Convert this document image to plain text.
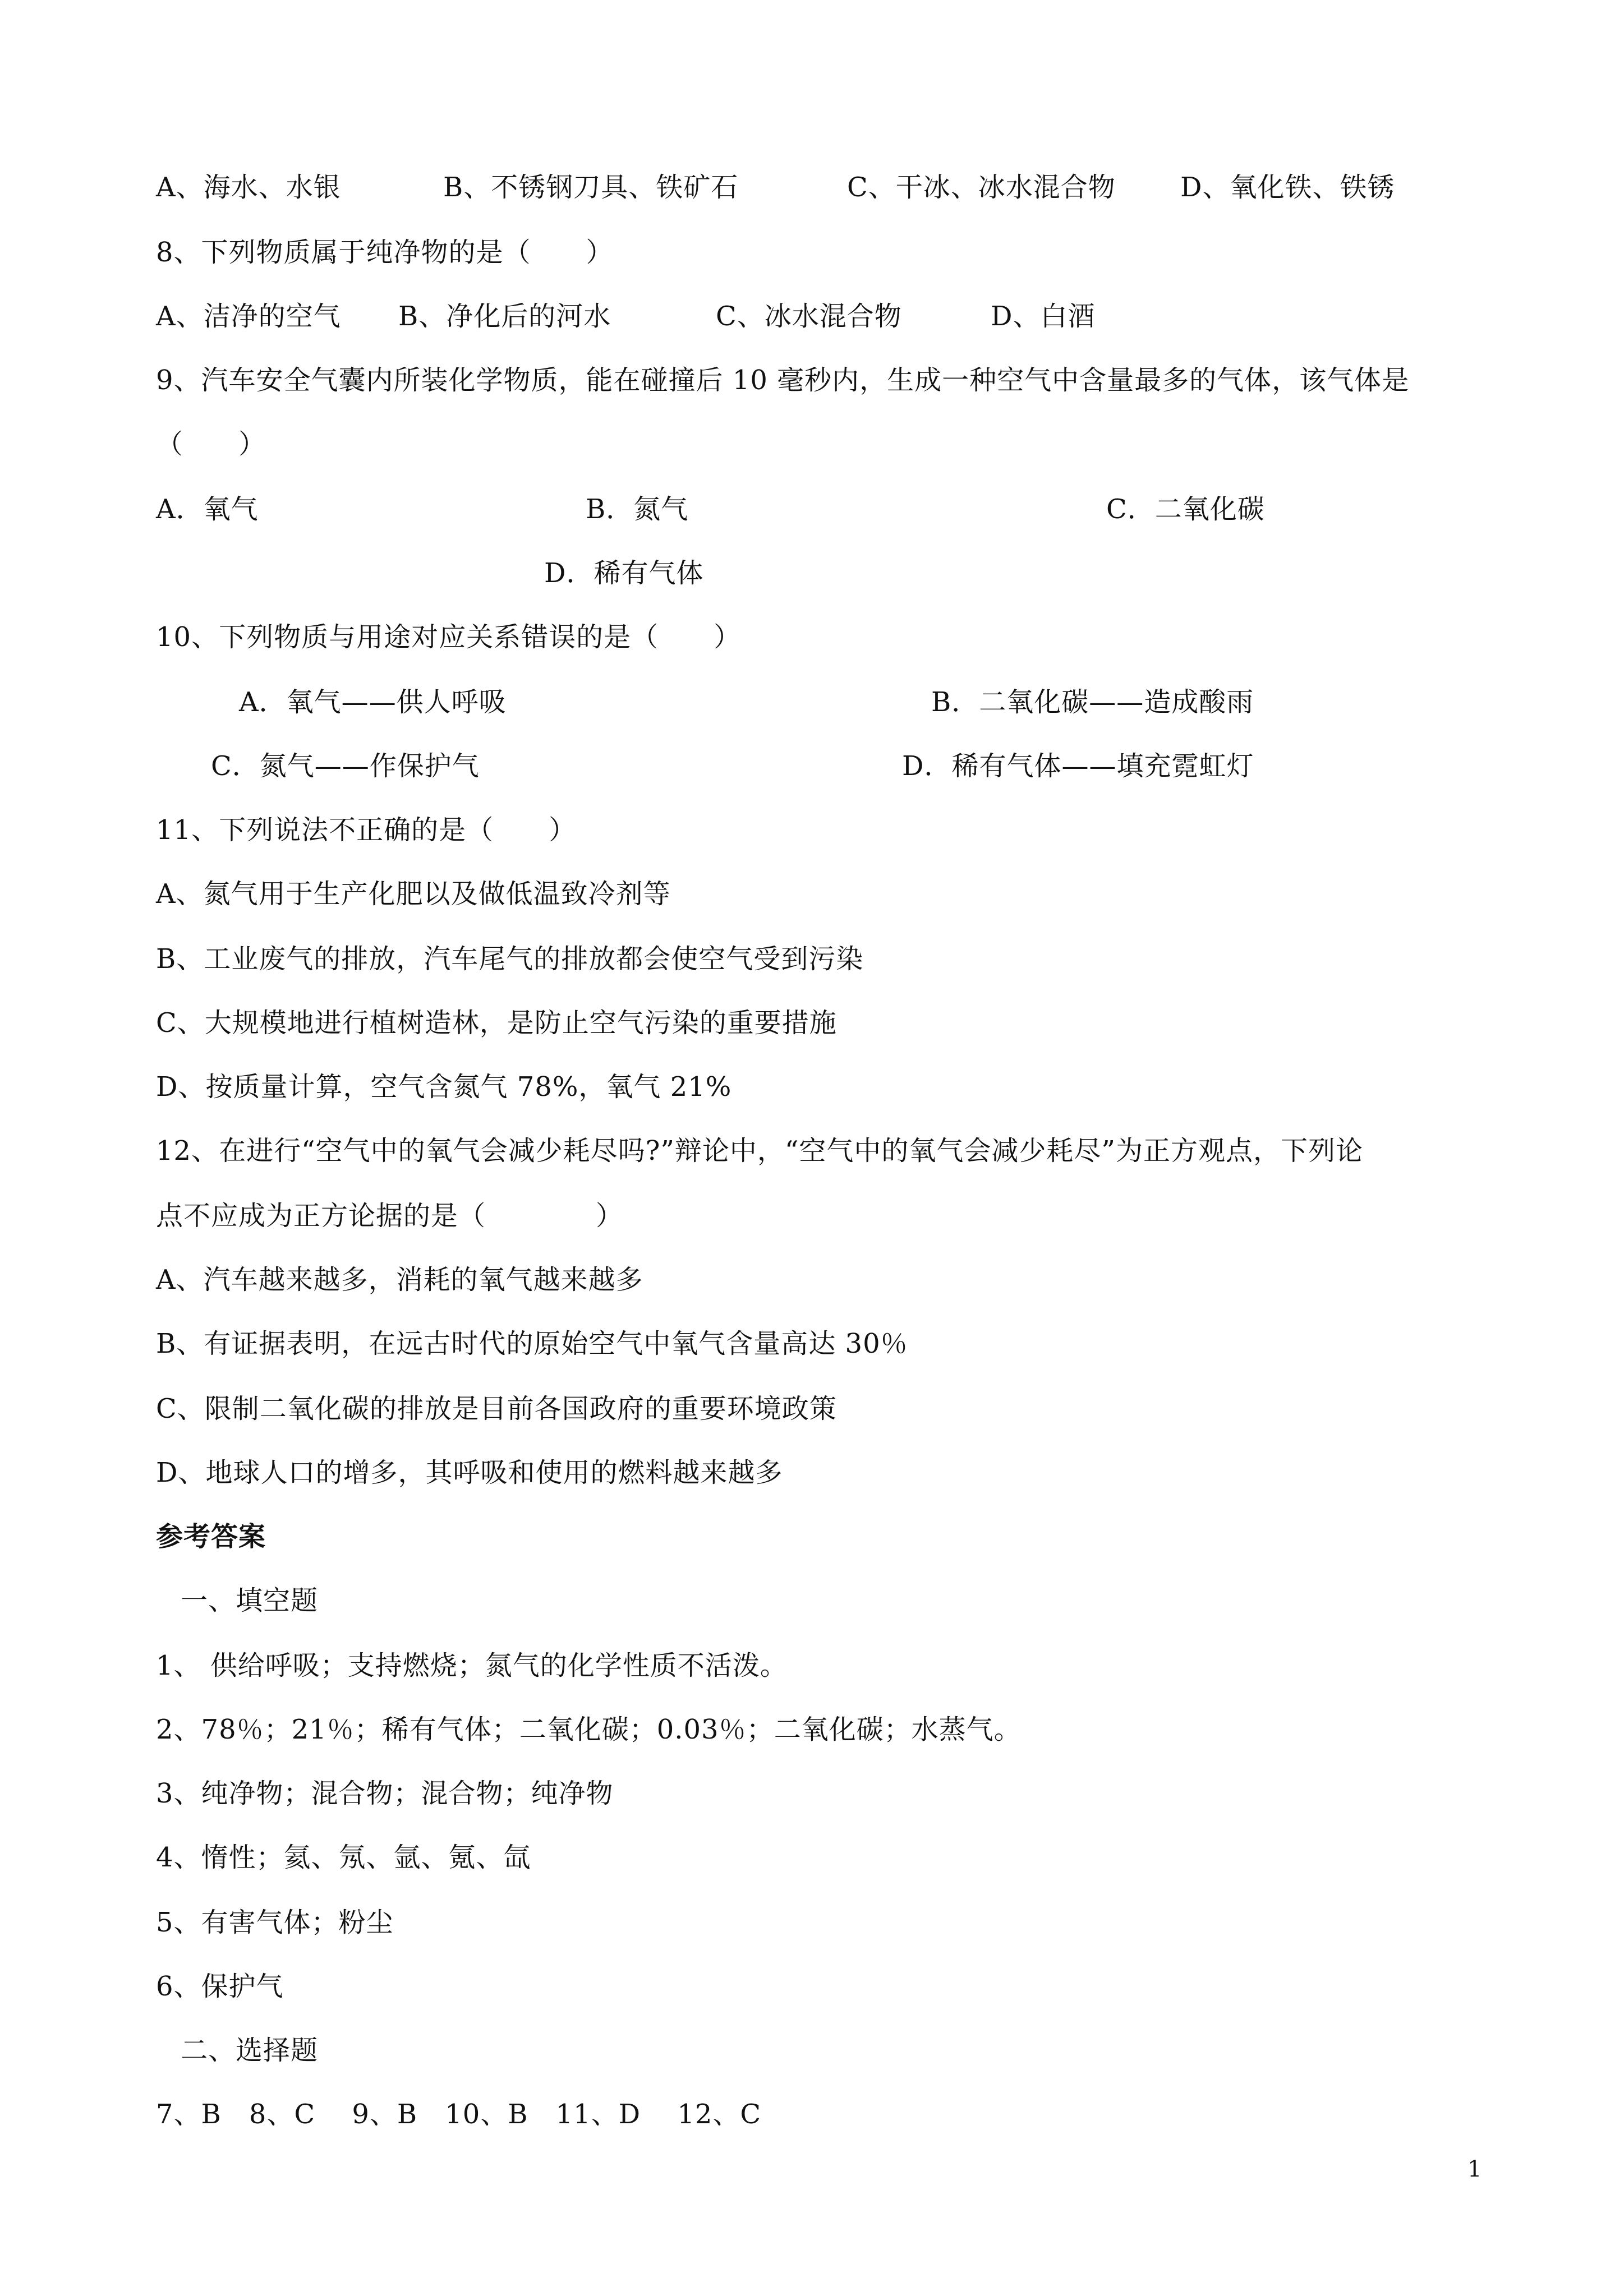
A、海水、水银	B、不锈钢刀具、铁矿石	C、干冰、冰水混合物 D、氧化铁、铁锈
8、下列物质属于纯净物的是（　　）
A、洁净的空气 B、净化后的河水	C、冰水混合物	D、白酒
9、汽车安全气囊内所装化学物质，能在碰撞后 10 毫秒内，生成一种空气中含量最多的气体，该气体是
（　　）
A．氧气	B．氮气	C．二氧化碳
D．稀有气体
10、下列物质与用途对应关系错误的是（　　）
A．氧气——供人呼吸	B．二氧化碳——造成酸雨
C．氮气——作保护气	D．稀有气体——填充霓虹灯
11、下列说法不正确的是（　　）
A、氮气用于生产化肥以及做低温致冷剂等
B、工业废气的排放，汽车尾气的排放都会使空气受到污染
C、大规模地进行植树造林，是防止空气污染的重要措施
D、按质量计算，空气含氮气 78%，氧气 21%
12、在进行“空气中的氧气会减少耗尽吗?”辩论中，“空气中的氧气会减少耗尽”为正方观点，下列论
点不应成为正方论据的是（　　　　）
A、汽车越来越多，消耗的氧气越来越多
B、有证据表明，在远古时代的原始空气中氧气含量高达 30％
C、限制二氧化碳的排放是目前各国政府的重要环境政策
D、地球人口的增多，其呼吸和使用的燃料越来越多
参考答案
一、填空题
1、 供给呼吸；支持燃烧；氮气的化学性质不活泼。
2、78％；21％；稀有气体；二氧化碳；0.03％；二氧化碳；水蒸气。
3、纯净物；混合物；混合物；纯净物
4、惰性；氦、氖、氩、氪、氙
5、有害气体；粉尘
6、保护气
二、选择题
7、B　8、C　 9、B　10、B　11、D　 12、C
1
